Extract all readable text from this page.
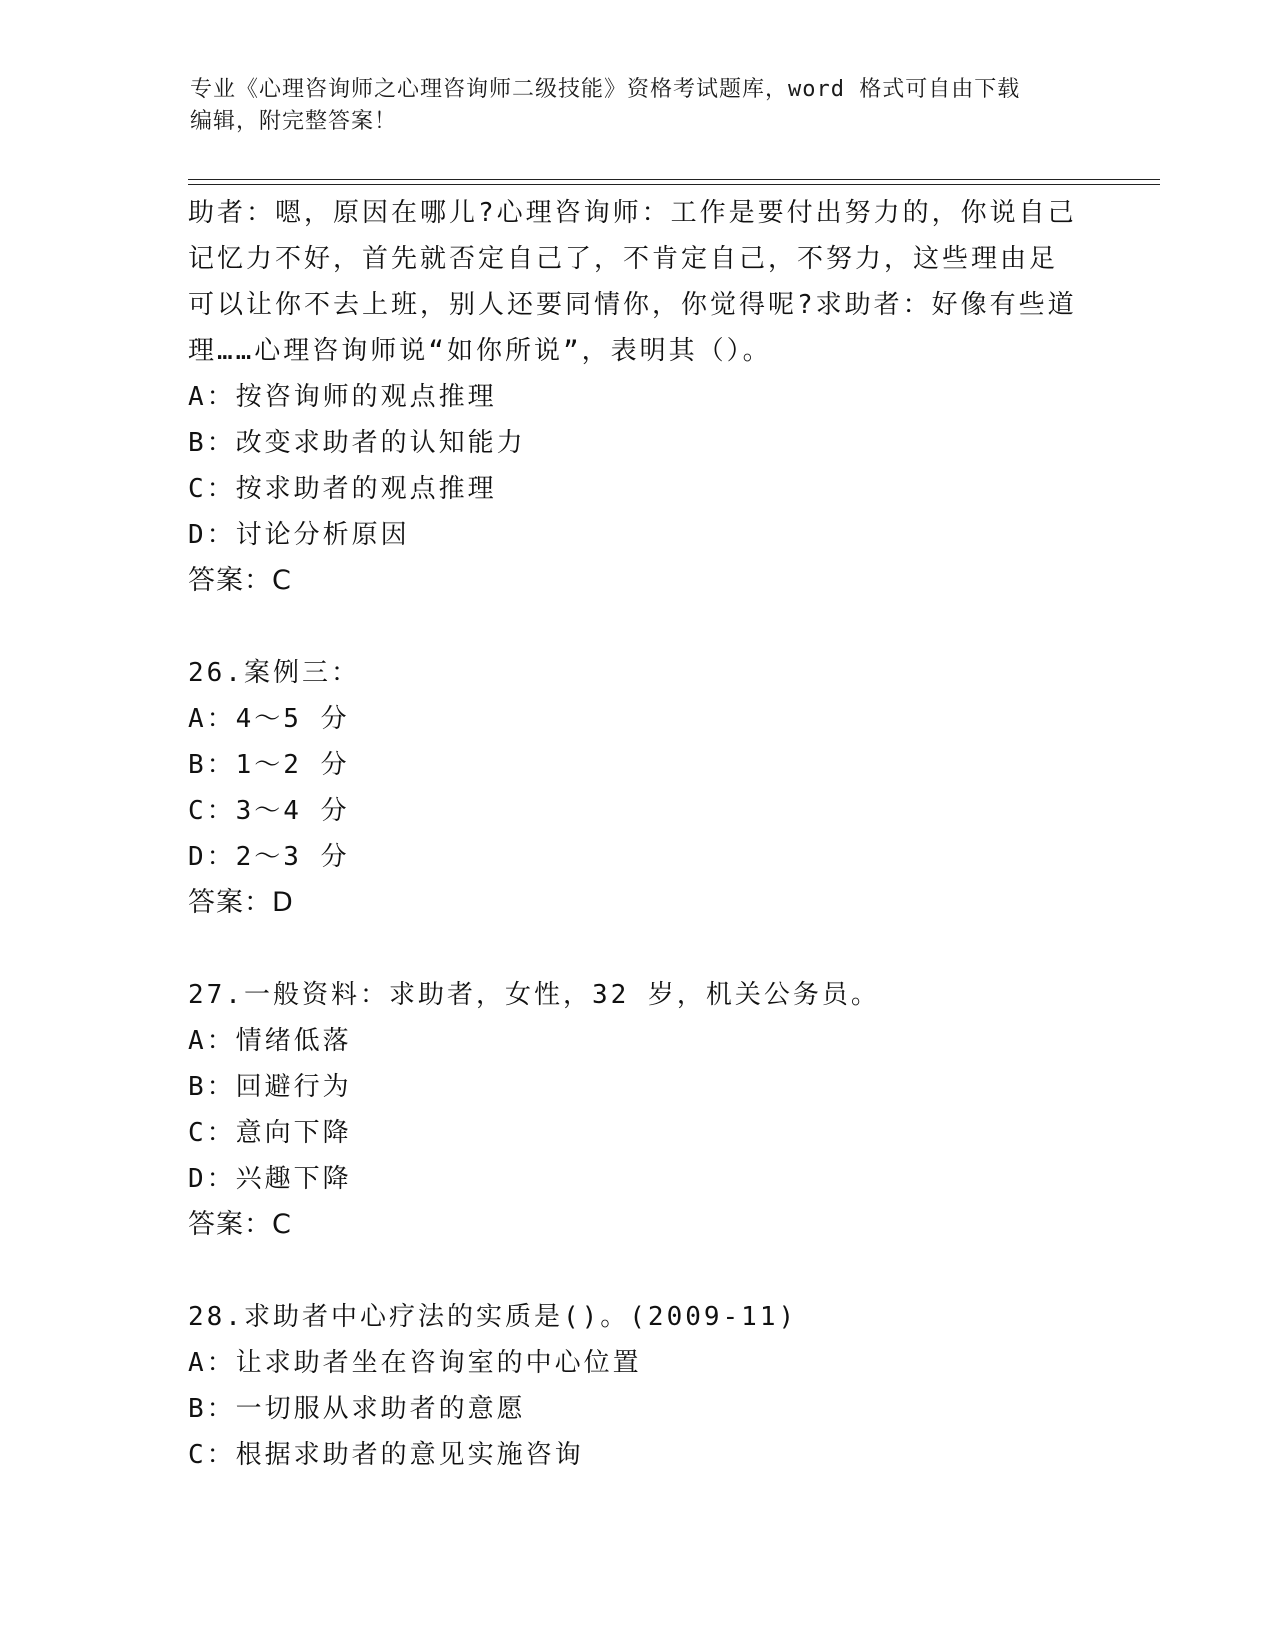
专业《心理咨询师之心理咨询师二级技能》资格考试题库，word 格式可自由下载
编辑，附完整答案！
助者：嗯，原因在哪儿?心理咨询师：工作是要付出努力的，你说自己
记忆力不好，首先就否定自己了，不肯定自己，不努力，这些理由足
可以让你不去上班，别人还要同情你，你觉得呢?求助者：好像有些道
理……心理咨询师说“如你所说”，表明其（）。
A：按咨询师的观点推理
B：改变求助者的认知能力
C：按求助者的观点推理
D：讨论分析原因
答案：C
26.案例三：
A：4～5 分
B：1～2 分
C：3～4 分
D：2～3 分
答案：D
27.一般资料：求助者，女性，32 岁，机关公务员。
A：情绪低落
B：回避行为
C：意向下降
D：兴趣下降
答案：C
28.求助者中心疗法的实质是()。(2009-11)
A：让求助者坐在咨询室的中心位置
B：一切服从求助者的意愿
C：根据求助者的意见实施咨询
